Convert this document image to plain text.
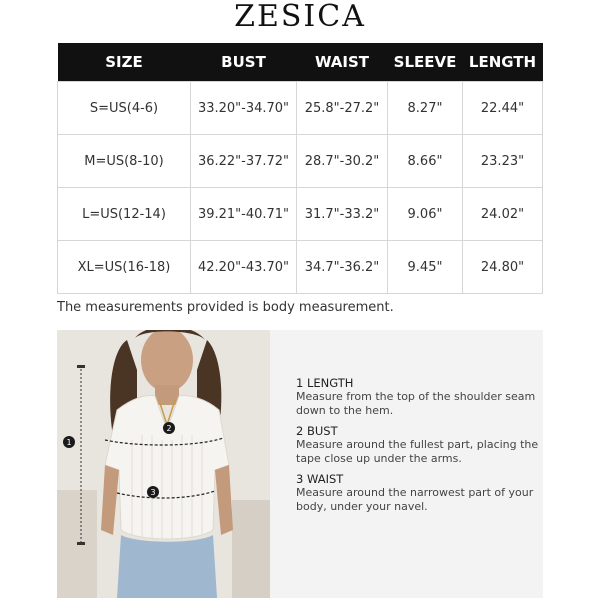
ZESICA
SIZE	BUST	WAIST	SLEEVE	LENGTH
S=US(4-6)	33.20"-34.70"	25.8"-27.2"	8.27"	22.44"
M=US(8-10)	36.22"-37.72"	28.7"-30.2"	8.66"	23.23"
L=US(12-14)	39.21"-40.71"	31.7"-33.2"	9.06"	24.02"
XL=US(16-18)	42.20"-43.70"	34.7"-36.2"	9.45"	24.80"
The measurements provided is body measurement.
1
2
3
1 LENGTH
Measure from the top of the shoulder seam down to the hem.
2 BUST
Measure around the fullest part, placing the tape close up under the arms.
3 WAIST
Measure around the narrowest part of your body, under your navel.
